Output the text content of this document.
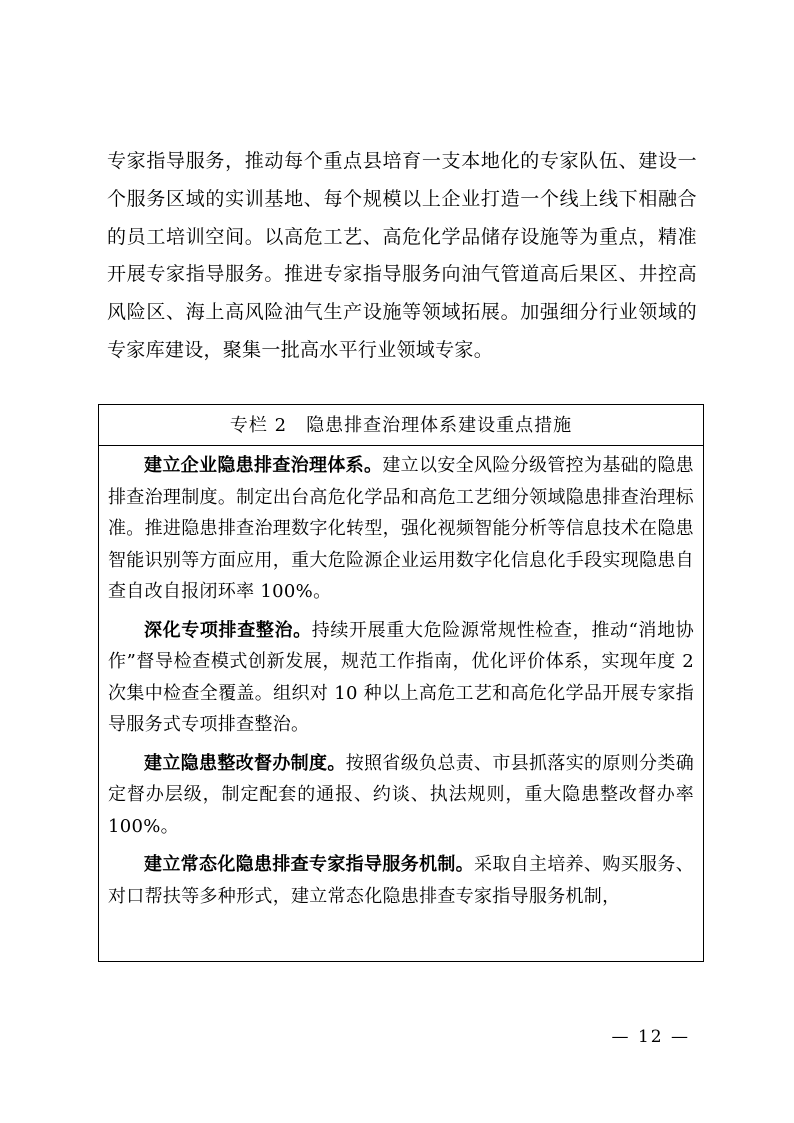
专家指导服务，推动每个重点县培育一支本地化的专家队伍、建设一个服务区域的实训基地、每个规模以上企业打造一个线上线下相融合的员工培训空间。以高危工艺、高危化学品储存设施等为重点，精准开展专家指导服务。推进专家指导服务向油气管道高后果区、井控高风险区、海上高风险油气生产设施等领域拓展。加强细分行业领域的专家库建设，聚集一批高水平行业领域专家。

专栏 2　隐患排查治理体系建设重点措施

建立企业隐患排查治理体系。建立以安全风险分级管控为基础的隐患排查治理制度。制定出台高危化学品和高危工艺细分领域隐患排查治理标准。推进隐患排查治理数字化转型，强化视频智能分析等信息技术在隐患智能识别等方面应用，重大危险源企业运用数字化信息化手段实现隐患自查自改自报闭环率 100%。

深化专项排查整治。持续开展重大危险源常规性检查，推动“消地协作”督导检查模式创新发展，规范工作指南，优化评价体系，实现年度 2 次集中检查全覆盖。组织对 10 种以上高危工艺和高危化学品开展专家指导服务式专项排查整治。

建立隐患整改督办制度。按照省级负总责、市县抓落实的原则分类确定督办层级，制定配套的通报、约谈、执法规则，重大隐患整改督办率 100%。

建立常态化隐患排查专家指导服务机制。采取自主培养、购买服务、对口帮扶等多种形式，建立常态化隐患排查专家指导服务机制，

— 12 —
